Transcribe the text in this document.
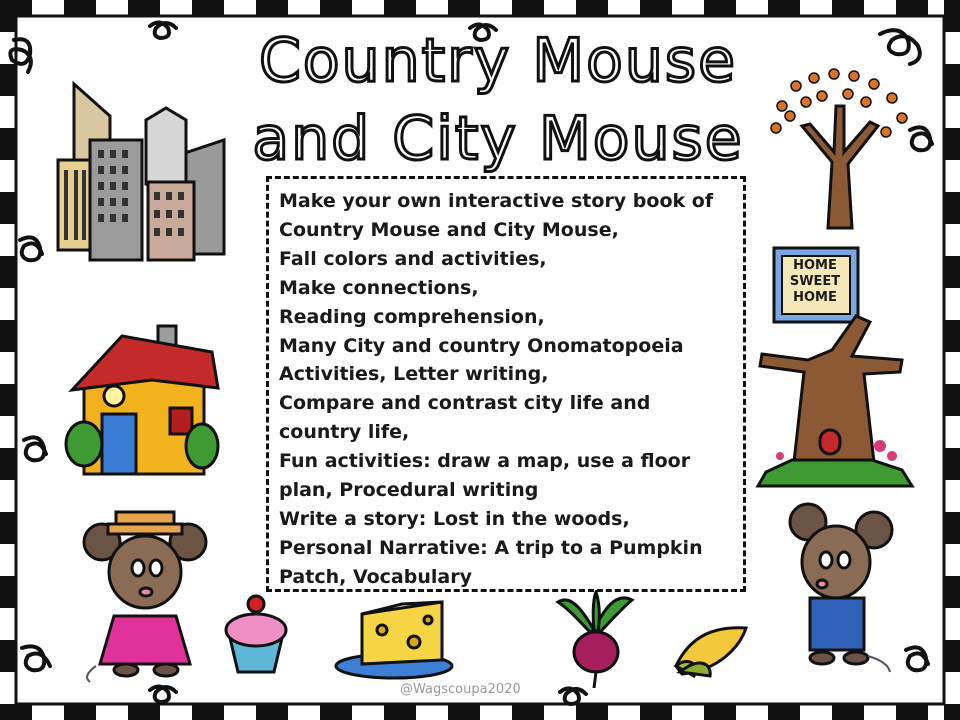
Country Mouse
and City Mouse
Make your own interactive story book of
Country Mouse and City Mouse,
Fall colors and activities,
Make connections,
Reading comprehension,
Many City and country Onomatopoeia
Activities, Letter writing,
Compare and contrast city life and
country life,
Fun activities: draw a map, use a floor
plan, Procedural writing
Write a story: Lost in the woods,
Personal Narrative: A trip to a Pumpkin
Patch, Vocabulary
HOME
SWEET
HOME
@Wagscoupa2020
